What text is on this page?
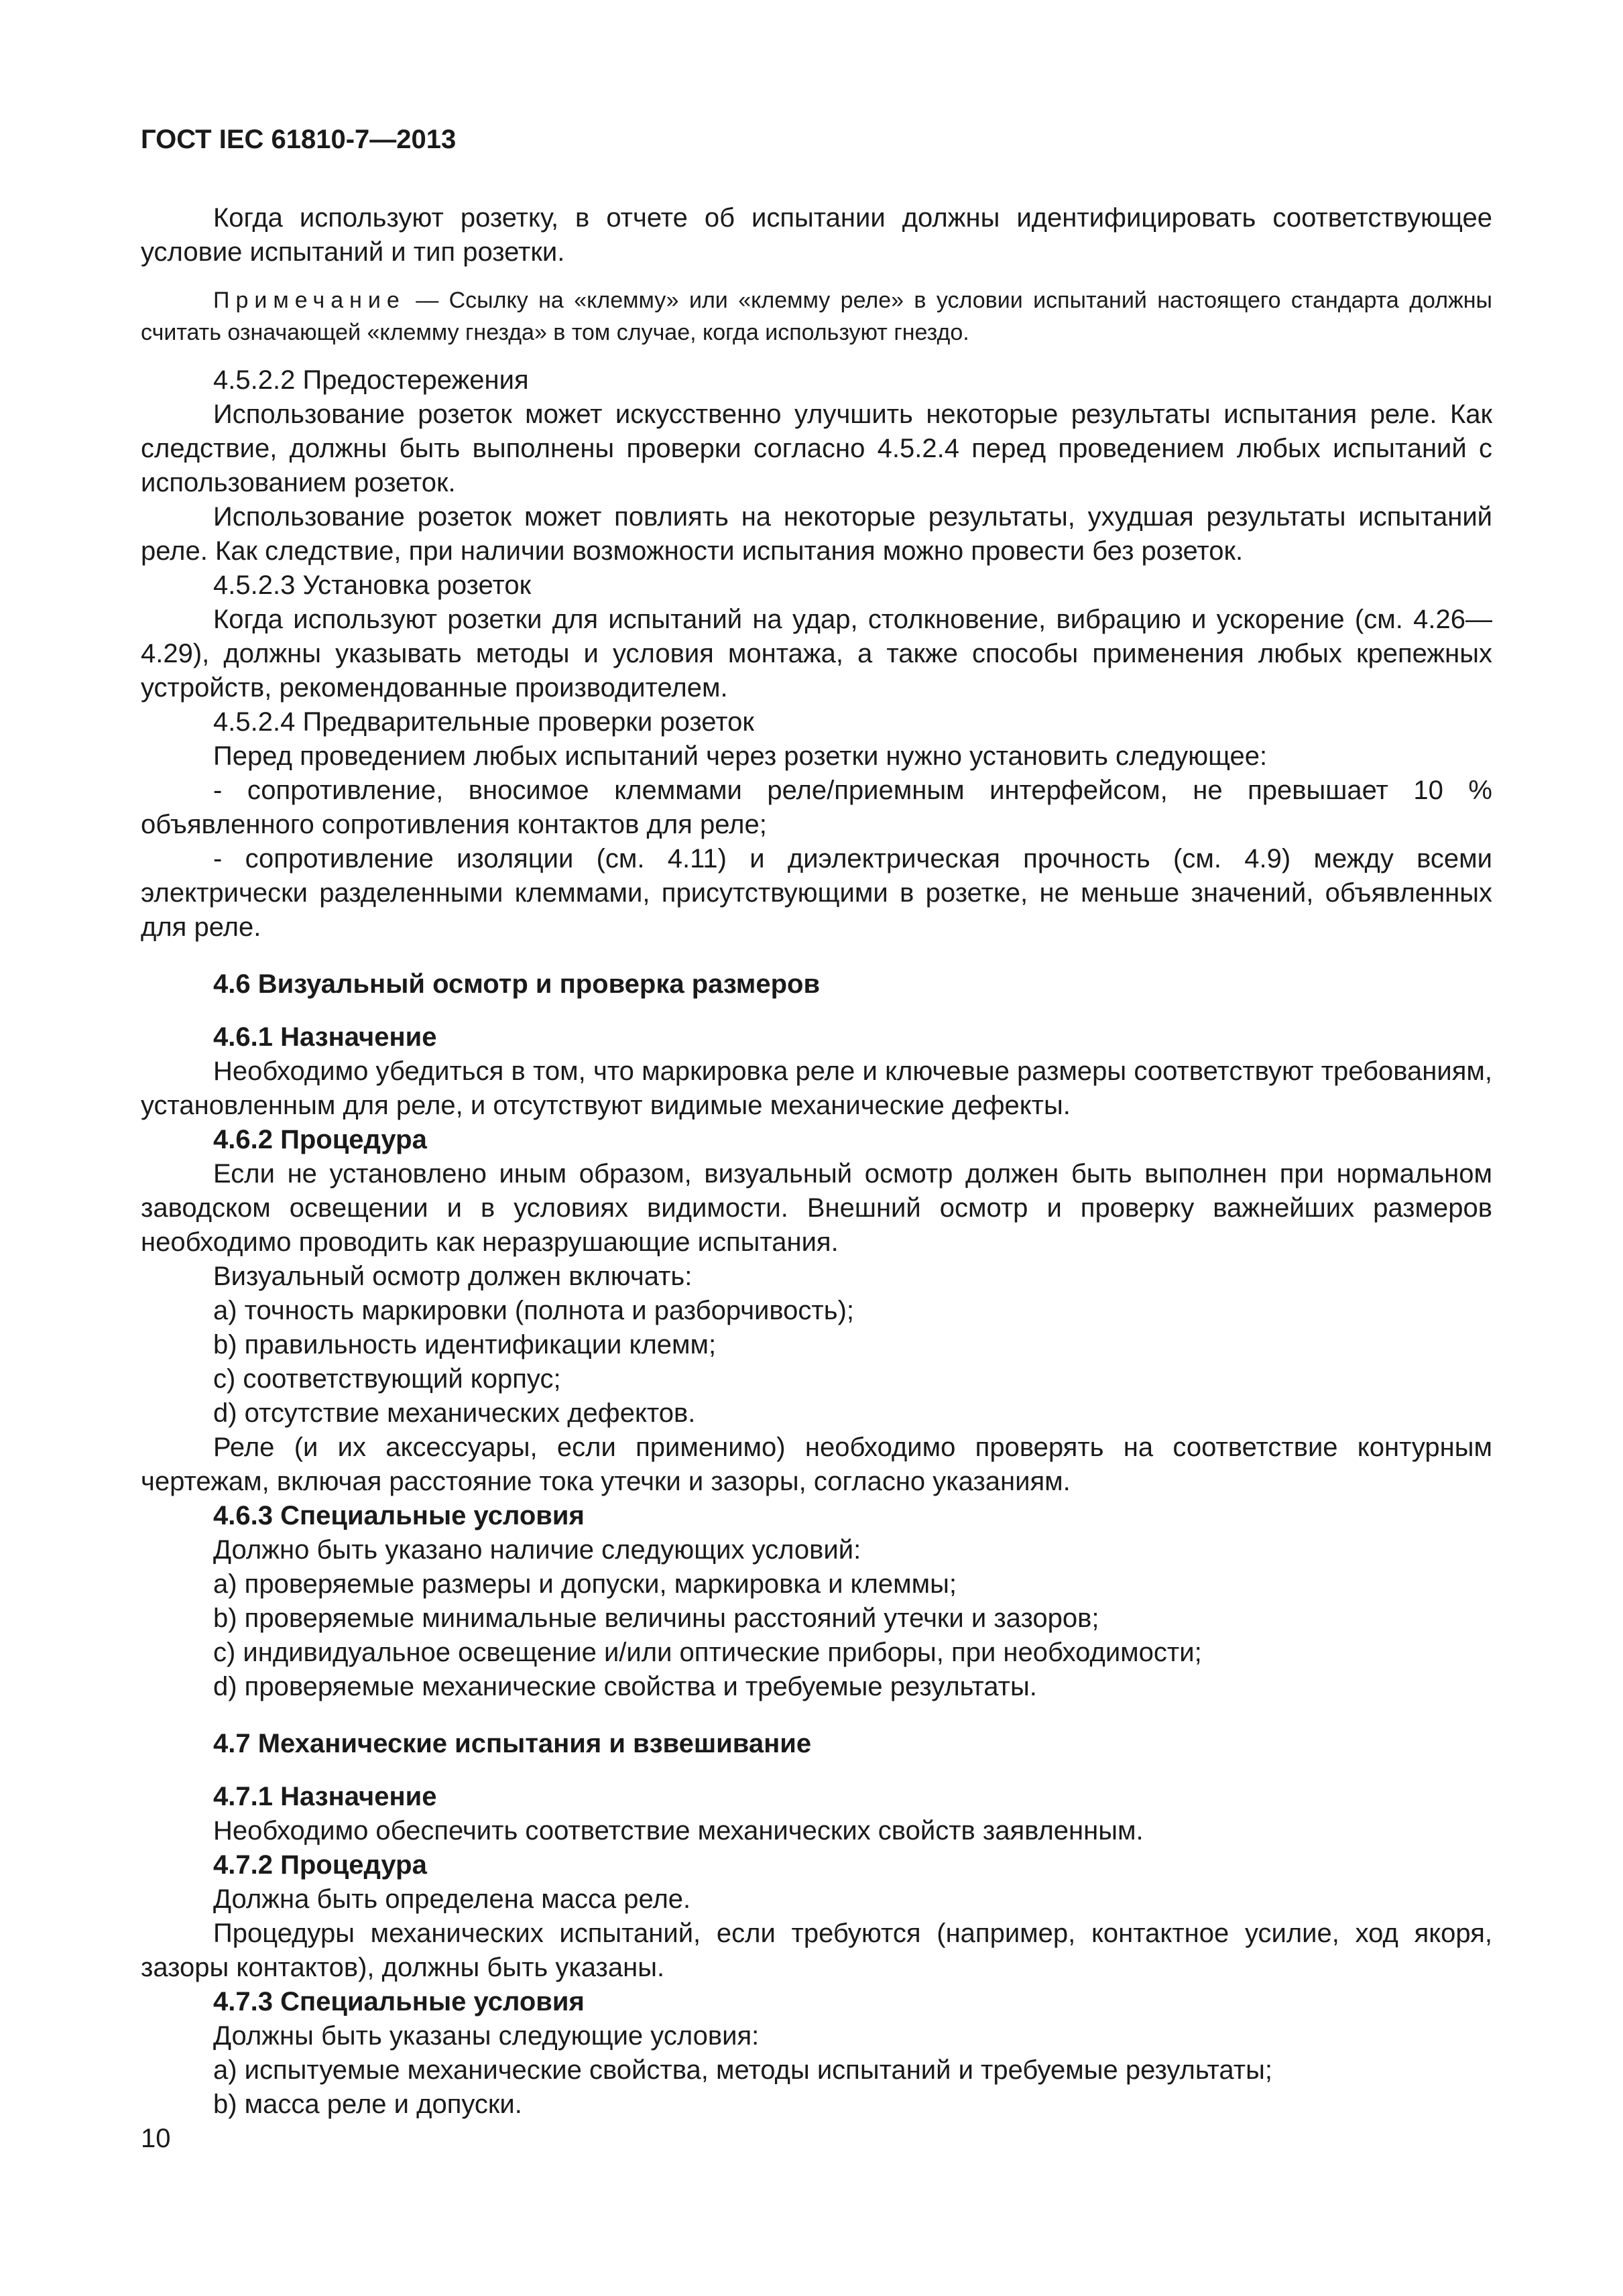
ГОСТ IEC 61810-7—2013

Когда используют розетку, в отчете об испытании должны идентифицировать соответствующее условие испытаний и тип розетки.

Примечание — Ссылку на «клемму» или «клемму реле» в условии испытаний настоящего стандарта должны считать означающей «клемму гнезда» в том случае, когда используют гнездо.

4.5.2.2 Предостережения

Использование розеток может искусственно улучшить некоторые результаты испытания реле. Как следствие, должны быть выполнены проверки согласно 4.5.2.4 перед проведением любых испытаний с использованием розеток.

Использование розеток может повлиять на некоторые результаты, ухудшая результаты испытаний реле. Как следствие, при наличии возможности испытания можно провести без розеток.

4.5.2.3 Установка розеток

Когда используют розетки для испытаний на удар, столкновение, вибрацию и ускорение (см. 4.26—4.29), должны указывать методы и условия монтажа, а также способы применения любых крепежных устройств, рекомендованные производителем.

4.5.2.4 Предварительные проверки розеток

Перед проведением любых испытаний через розетки нужно установить следующее:

- сопротивление, вносимое клеммами реле/приемным интерфейсом, не превышает 10 % объявленного сопротивления контактов для реле;

- сопротивление изоляции (см. 4.11) и диэлектрическая прочность (см. 4.9) между всеми электрически разделенными клеммами, присутствующими в розетке, не меньше значений, объявленных для реле.

4.6 Визуальный осмотр и проверка размеров

4.6.1 Назначение

Необходимо убедиться в том, что маркировка реле и ключевые размеры соответствуют требованиям, установленным для реле, и отсутствуют видимые механические дефекты.

4.6.2 Процедура

Если не установлено иным образом, визуальный осмотр должен быть выполнен при нормальном заводском освещении и в условиях видимости. Внешний осмотр и проверку важнейших размеров необходимо проводить как неразрушающие испытания.

Визуальный осмотр должен включать:

a) точность маркировки (полнота и разборчивость);

b) правильность идентификации клемм;

c) соответствующий корпус;

d) отсутствие механических дефектов.

Реле (и их аксессуары, если применимо) необходимо проверять на соответствие контурным чертежам, включая расстояние тока утечки и зазоры, согласно указаниям.

4.6.3 Специальные условия

Должно быть указано наличие следующих условий:

a) проверяемые размеры и допуски, маркировка и клеммы;

b) проверяемые минимальные величины расстояний утечки и зазоров;

c) индивидуальное освещение и/или оптические приборы, при необходимости;

d) проверяемые механические свойства и требуемые результаты.

4.7 Механические испытания и взвешивание

4.7.1 Назначение

Необходимо обеспечить соответствие механических свойств заявленным.

4.7.2 Процедура

Должна быть определена масса реле.

Процедуры механических испытаний, если требуются (например, контактное усилие, ход якоря, зазоры контактов), должны быть указаны.

4.7.3 Специальные условия

Должны быть указаны следующие условия:

a) испытуемые механические свойства, методы испытаний и требуемые результаты;

b) масса реле и допуски.

10
